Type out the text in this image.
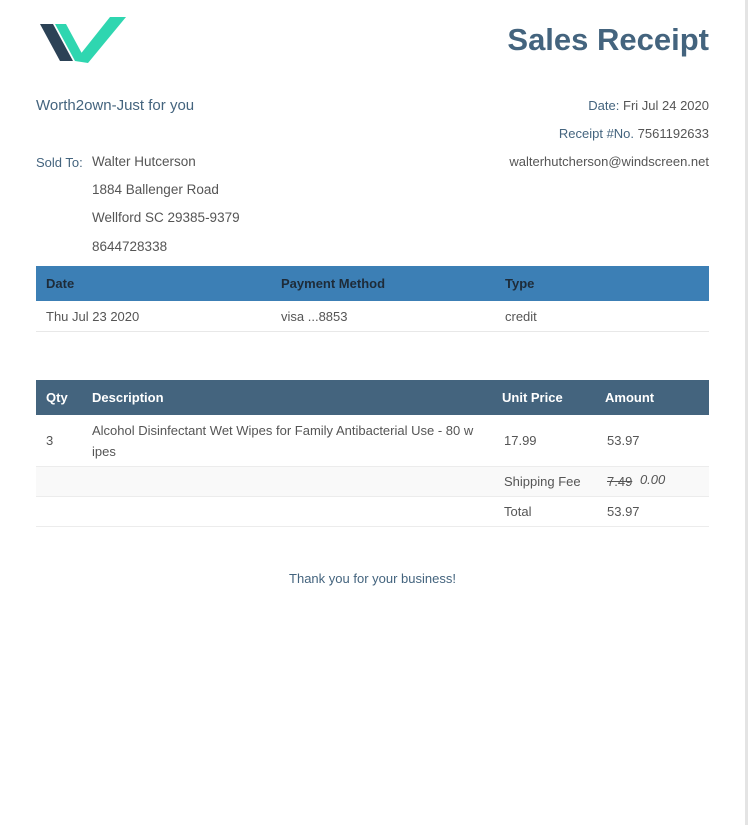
Sales Receipt
Worth2own-Just for you	Date: Fri Jul 24 2020
Receipt #No. 7561192633
walterhutcherson@windscreen.net
Sold To: Walter Hutcerson
1884 Ballenger Road
Wellford SC 29385-9379
8644728338
Date	Payment Method	Type
Thu Jul 23 2020	visa ...8853	credit
Qty	Description	Unit Price	Amount
3	Alcohol Disinfectant Wet Wipes for Family Antibacterial Use - 80 wipes	17.99	53.97
		Shipping Fee	7.49 0.00
		Total	53.97
Thank you for your business!
